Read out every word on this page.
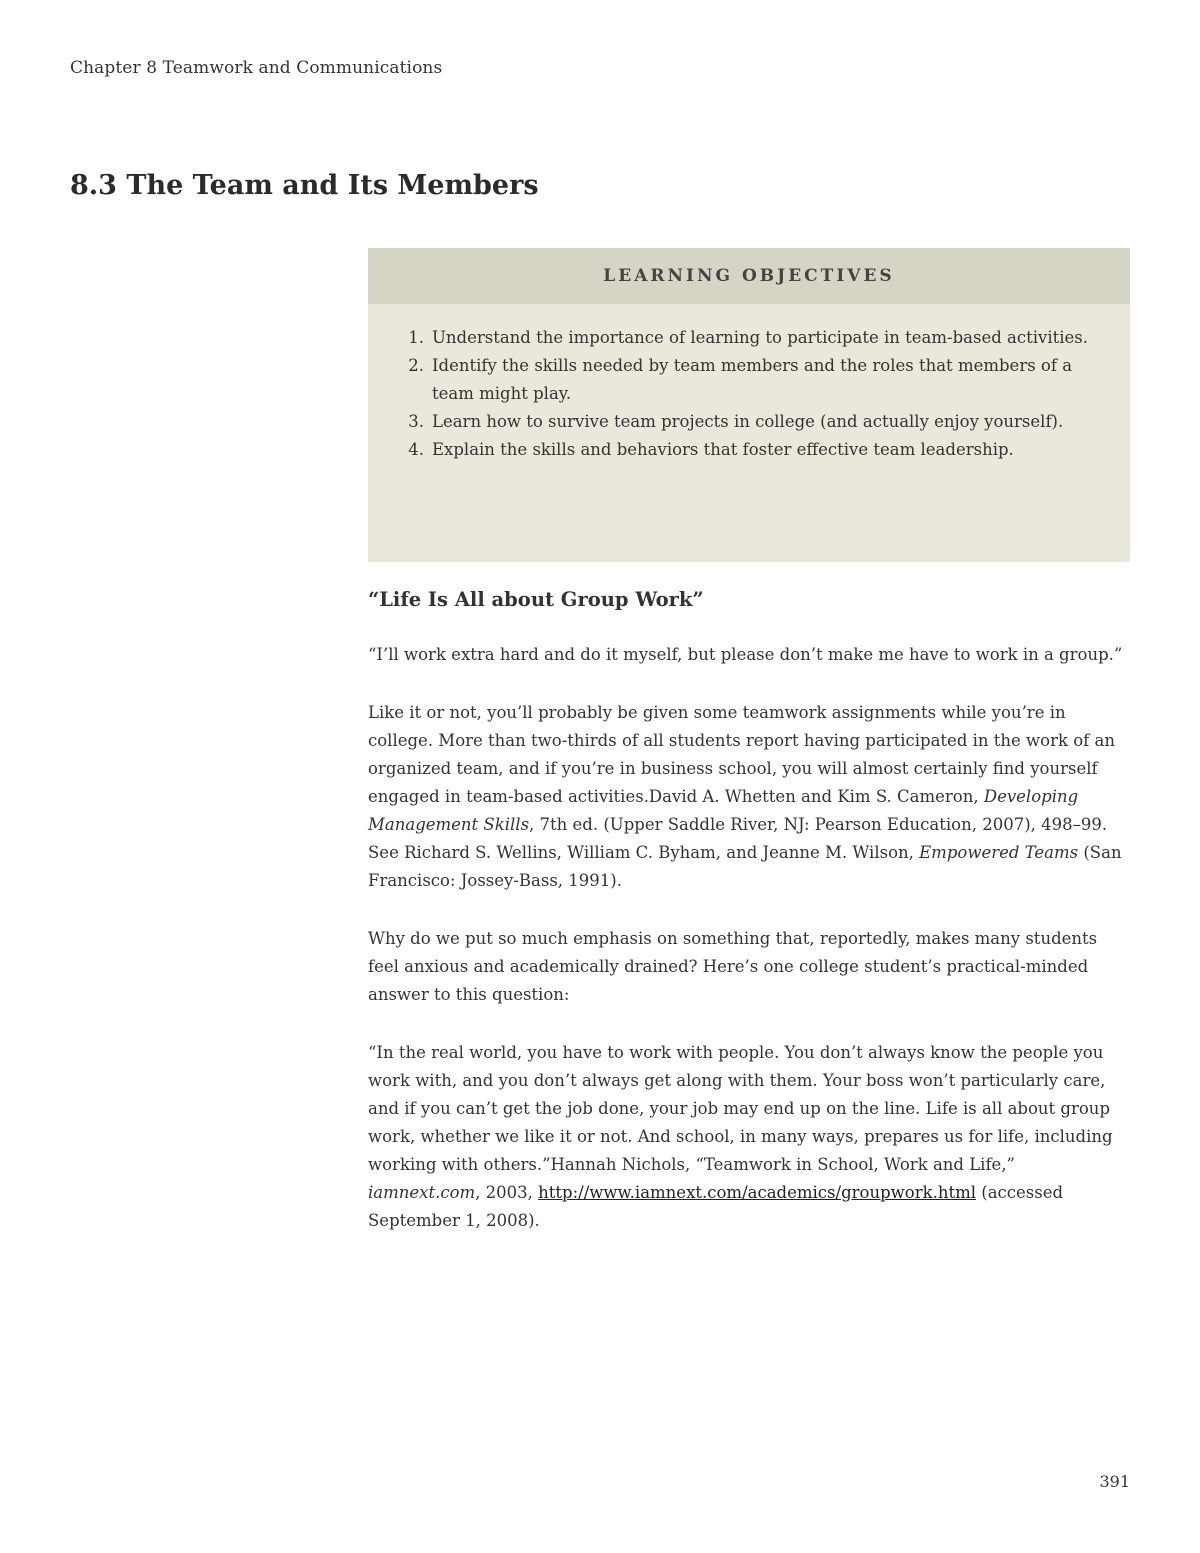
Chapter 8 Teamwork and Communications
8.3 The Team and Its Members
LEARNING OBJECTIVES
1. Understand the importance of learning to participate in team-based activities.
2. Identify the skills needed by team members and the roles that members of a team might play.
3. Learn how to survive team projects in college (and actually enjoy yourself).
4. Explain the skills and behaviors that foster effective team leadership.
“Life Is All about Group Work”

“I’ll work extra hard and do it myself, but please don’t make me have to work in a group.”

Like it or not, you’ll probably be given some teamwork assignments while you’re in college. More than two-thirds of all students report having participated in the work of an organized team, and if you’re in business school, you will almost certainly find yourself engaged in team-based activities.David A. Whetten and Kim S. Cameron, Developing Management Skills, 7th ed. (Upper Saddle River, NJ: Pearson Education, 2007), 498–99. See Richard S. Wellins, William C. Byham, and Jeanne M. Wilson, Empowered Teams (San Francisco: Jossey-Bass, 1991).

Why do we put so much emphasis on something that, reportedly, makes many students feel anxious and academically drained? Here’s one college student’s practical-minded answer to this question:

“In the real world, you have to work with people. You don’t always know the people you work with, and you don’t always get along with them. Your boss won’t particularly care, and if you can’t get the job done, your job may end up on the line. Life is all about group work, whether we like it or not. And school, in many ways, prepares us for life, including working with others.”Hannah Nichols, “Teamwork in School, Work and Life,” iamnext.com, 2003, http://www.iamnext.com/academics/groupwork.html (accessed September 1, 2008).

391
